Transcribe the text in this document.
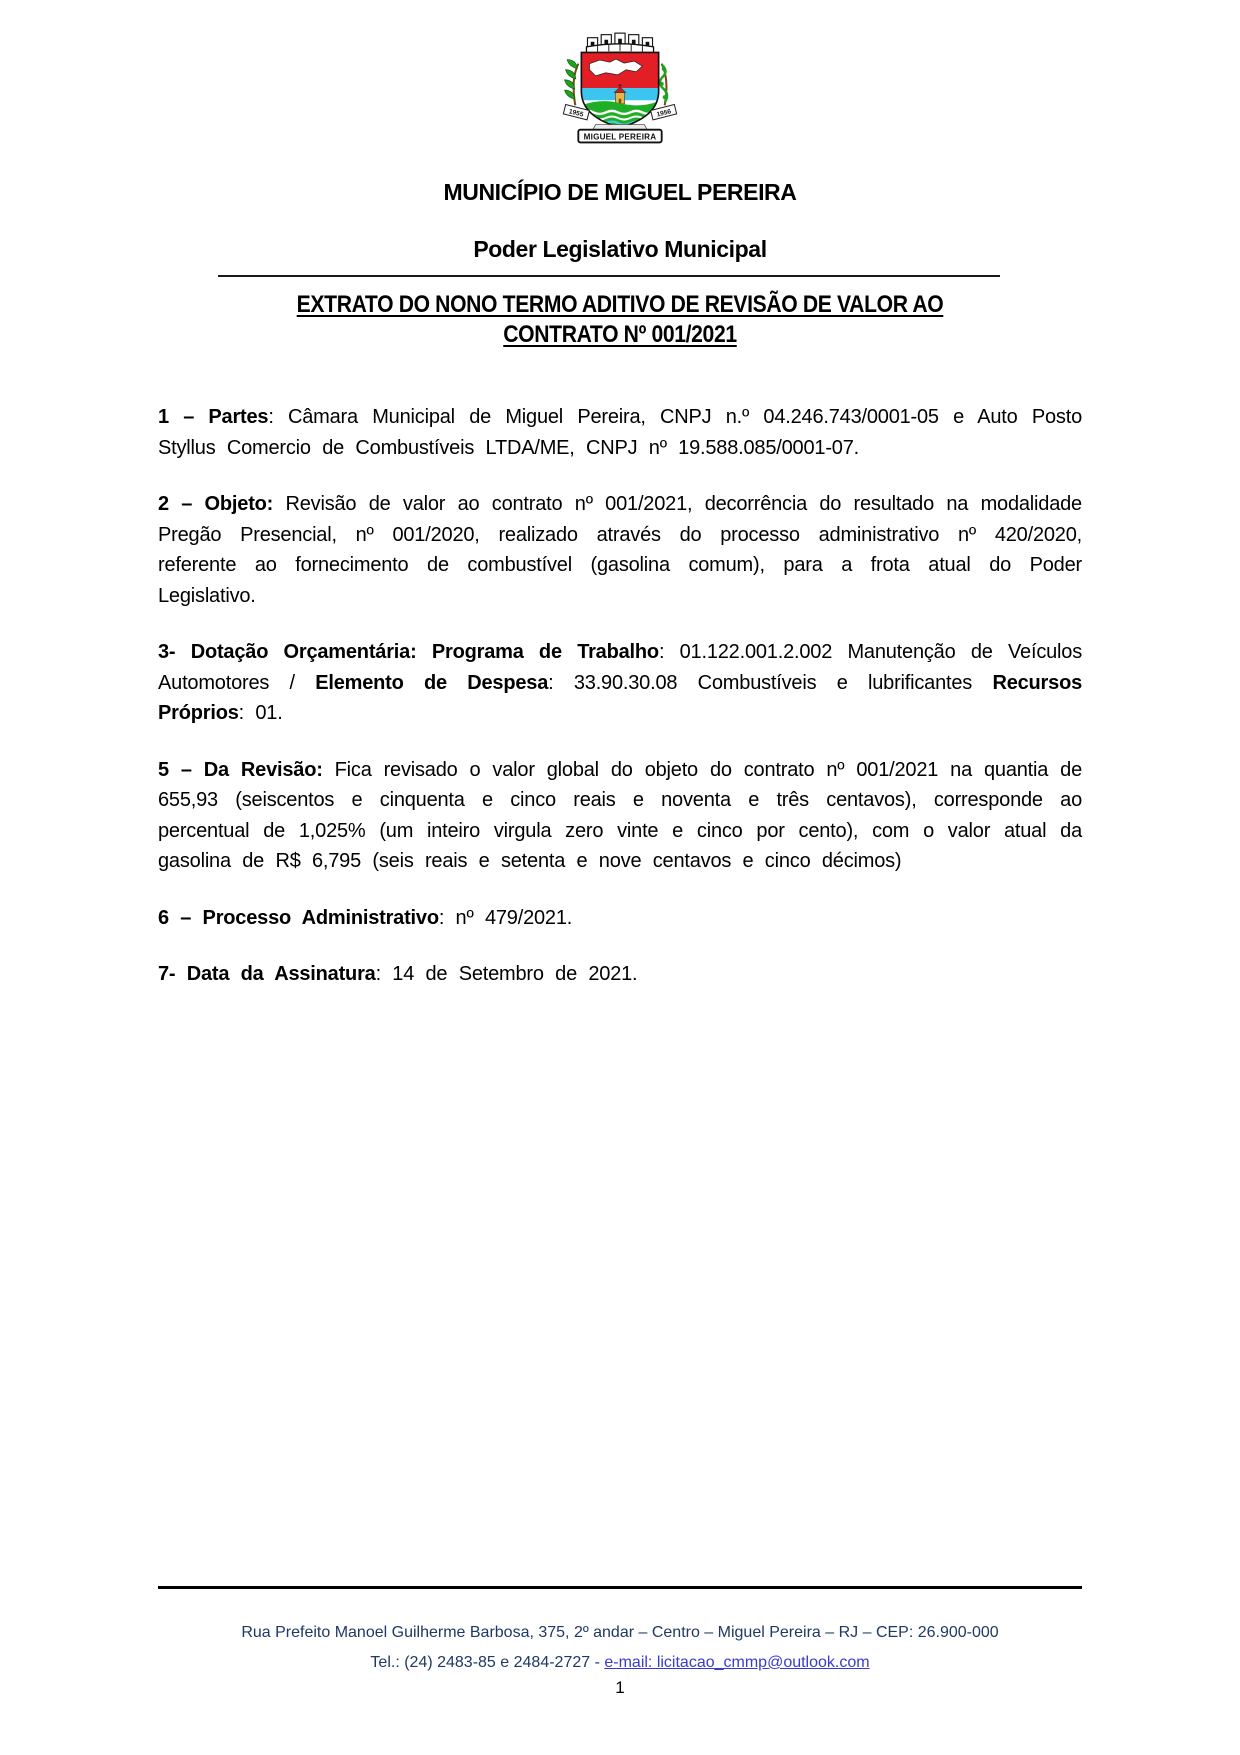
1955	1956
MIGUEL PEREIRA
MUNICÍPIO DE MIGUEL PEREIRA
Poder Legislativo Municipal
EXTRATO DO NONO TERMO ADITIVO DE REVISÃO DE VALOR AO
CONTRATO Nº 001/2021

1 – Partes: Câmara Municipal de Miguel Pereira, CNPJ n.º 04.246.743/0001-05 e Auto Posto Styllus Comercio de Combustíveis LTDA/ME, CNPJ nº 19.588.085/0001-07.

2 – Objeto: Revisão de valor ao contrato nº 001/2021, decorrência do resultado na modalidade Pregão Presencial, nº 001/2020, realizado através do processo administrativo nº 420/2020, referente ao fornecimento de combustível (gasolina comum), para a frota atual do Poder Legislativo.

3- Dotação Orçamentária: Programa de Trabalho: 01.122.001.2.002 Manutenção de Veículos Automotores / Elemento de Despesa: 33.90.30.08 Combustíveis e lubrificantes Recursos Próprios: 01.

5 – Da Revisão: Fica revisado o valor global do objeto do contrato nº 001/2021 na quantia de 655,93 (seiscentos e cinquenta e cinco reais e noventa e três centavos), corresponde ao percentual de 1,025% (um inteiro virgula zero vinte e cinco por cento), com o valor atual da gasolina de R$ 6,795 (seis reais e setenta e nove centavos e cinco décimos)

6 – Processo Administrativo: nº 479/2021.

7- Data da Assinatura: 14 de Setembro de 2021.

Rua Prefeito Manoel Guilherme Barbosa, 375, 2º andar – Centro – Miguel Pereira – RJ – CEP: 26.900-000
Tel.: (24) 2483-85 e 2484-2727 - e-mail: licitacao_cmmp@outlook.com
1
